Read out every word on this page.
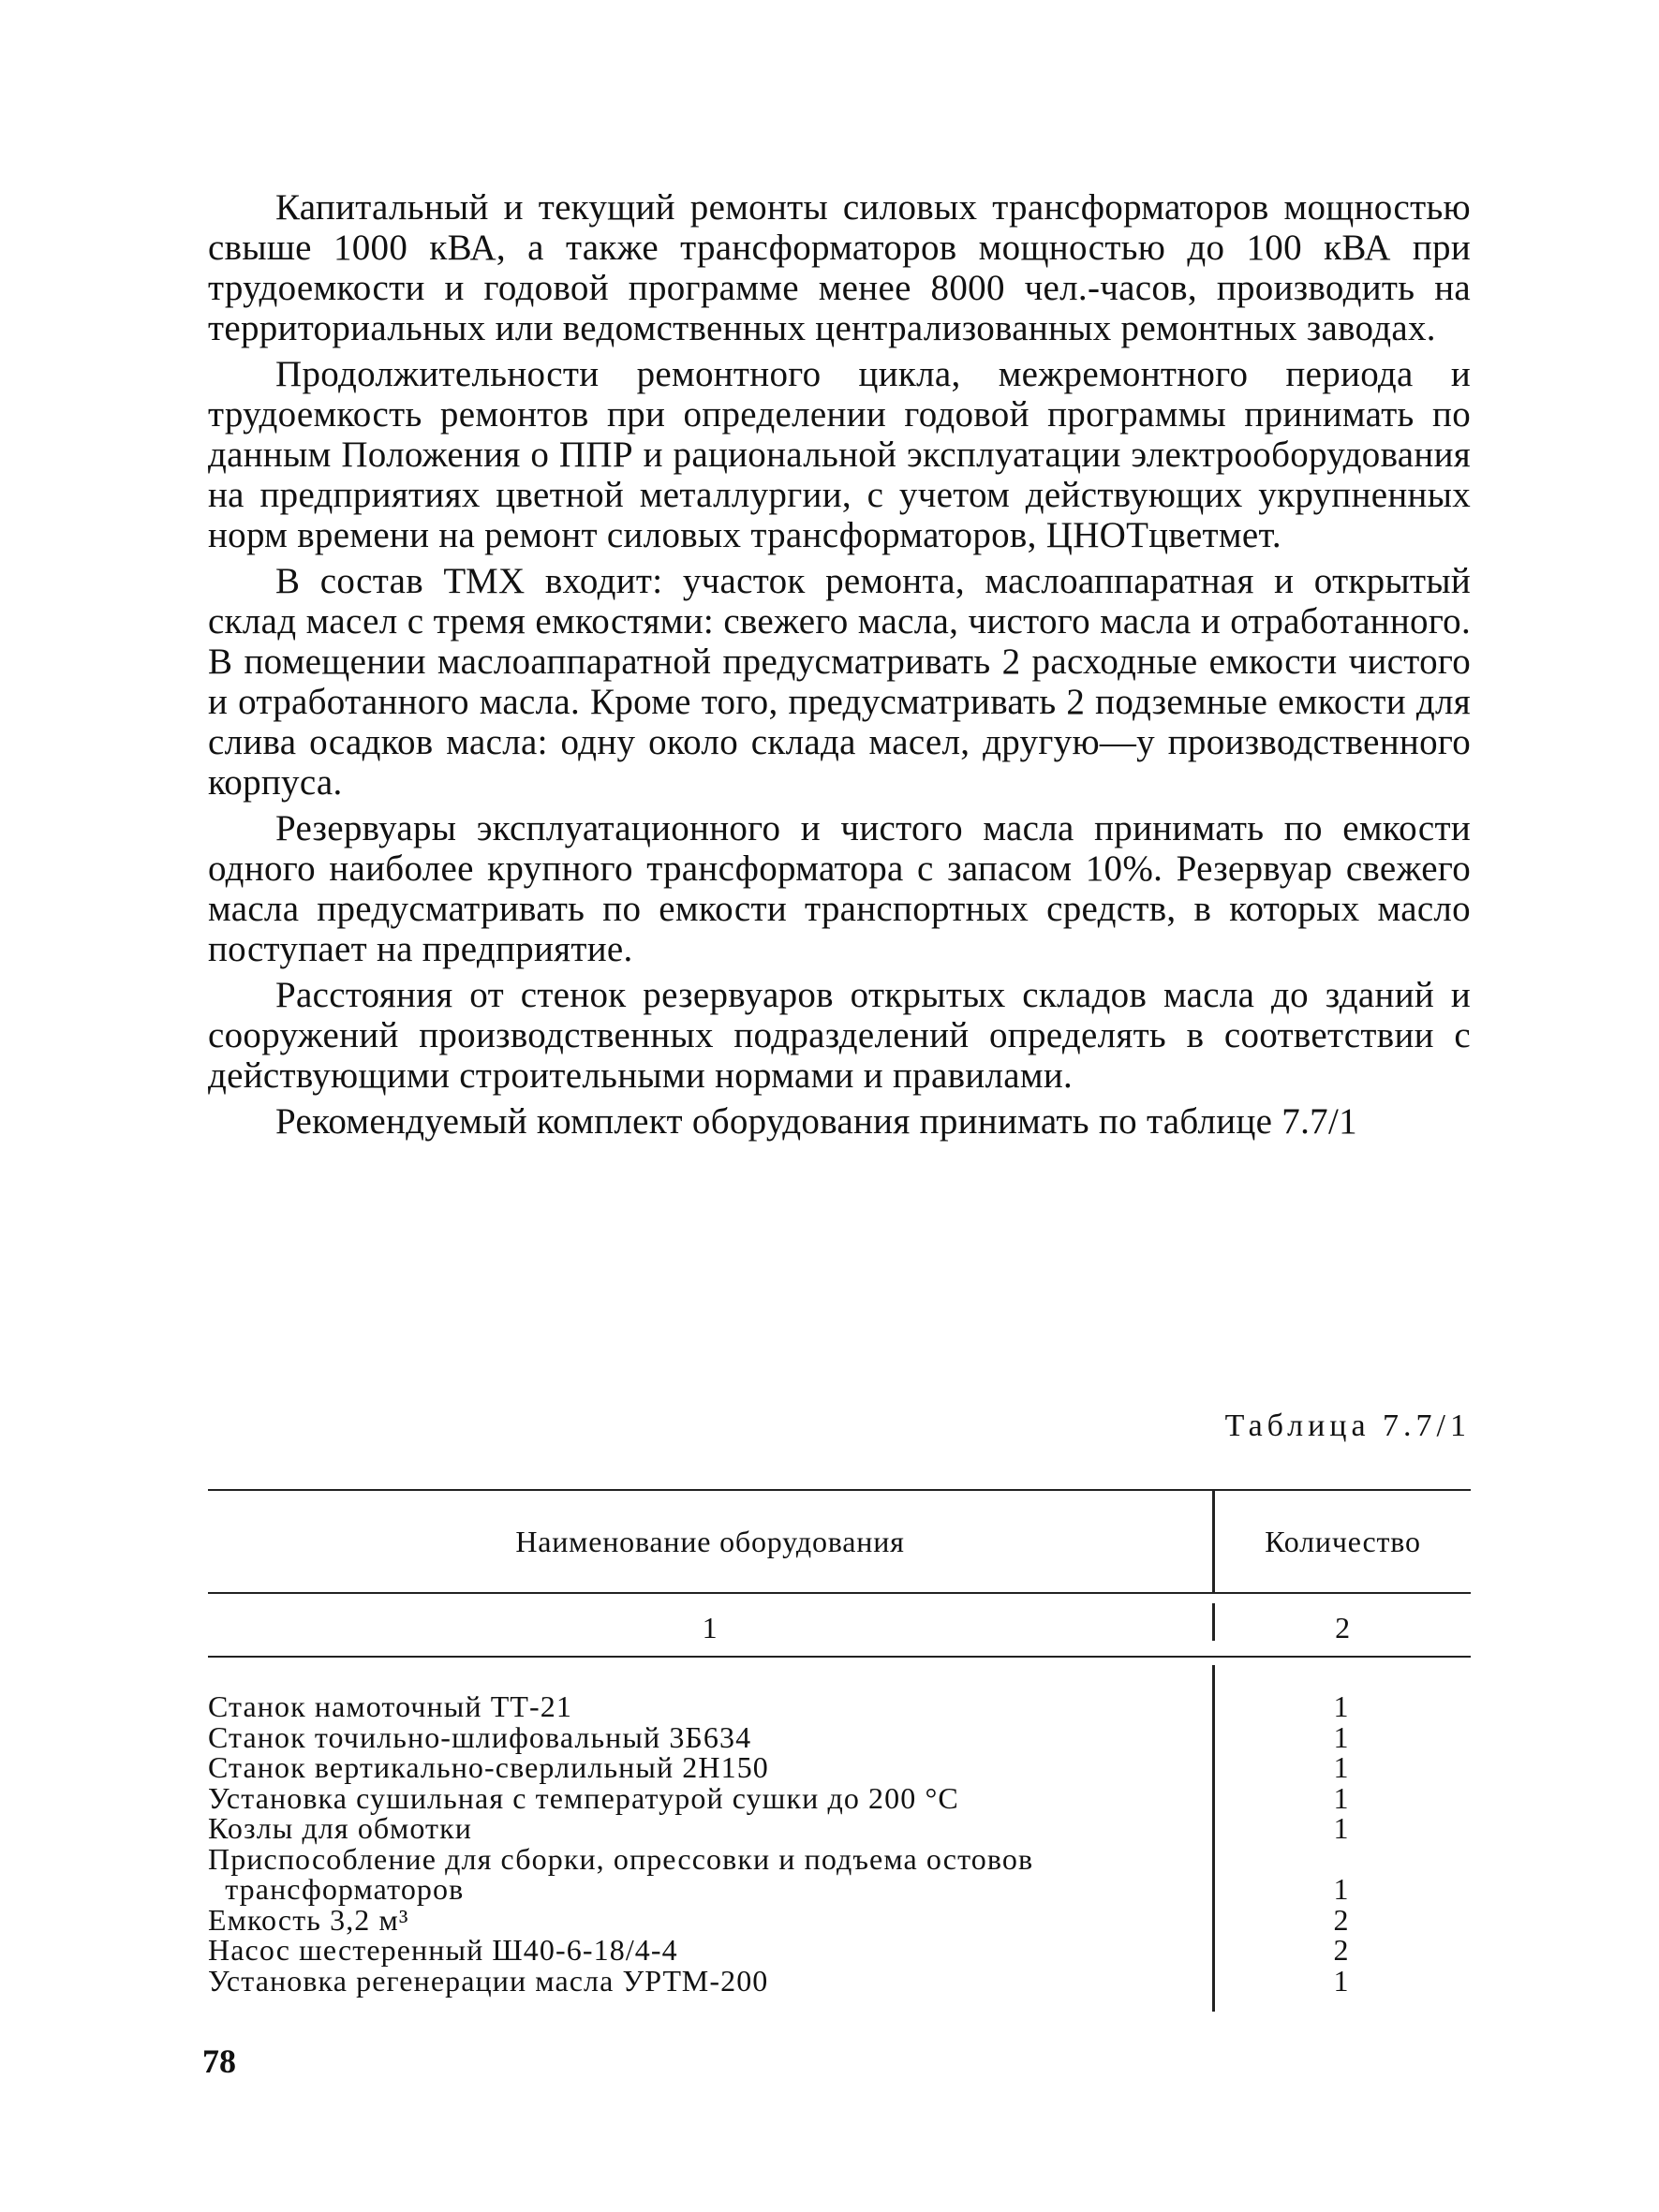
Капитальный и текущий ремонты силовых трансформаторов мощностью свыше 1000 кВА, а также трансформаторов мощностью до 100 кВА при трудоемкости и годовой программе менее 8000 чел.-часов, производить на территориальных или ведомственных централизованных ремонтных заводах.

Продолжительности ремонтного цикла, межремонтного периода и трудоемкость ремонтов при определении годовой программы принимать по данным Положения о ППР и рациональной эксплуатации электрооборудования на предприятиях цветной металлургии, с учетом действующих укрупненных норм времени на ремонт силовых трансформаторов, ЦНОТцветмет.

В состав ТМХ входит: участок ремонта, маслоаппаратная и открытый склад масел с тремя емкостями: свежего масла, чистого масла и отработанного. В помещении маслоаппаратной предусматривать 2 расходные емкости чистого и отработанного масла. Кроме того, предусматривать 2 подземные емкости для слива осадков масла: одну около склада масел, другую—у производственного корпуса.

Резервуары эксплуатационного и чистого масла принимать по емкости одного наиболее крупного трансформатора с запасом 10%. Резервуар свежего масла предусматривать по емкости транспортных средств, в которых масло поступает на предприятие.

Расстояния от стенок резервуаров открытых складов масла до зданий и сооружений производственных подразделений определять в соответствии с действующими строительными нормами и правилами.

Рекомендуемый комплект оборудования принимать по таблице 7.7/1

Таблица 7.7/1
Наименование оборудования	Количество
1	2
Станок намоточный ТТ-21	1
Станок точильно-шлифовальный 3Б634	1
Станок вертикально-сверлильный 2Н150	1
Установка сушильная с температурой сушки до 200 °С	1
Козлы для обмотки	1
Приспособление для сборки, опрессовки и подъема остовов
трансформаторов	1
Емкость 3,2 м³	2
Насос шестеренный Ш40-6-18/4-4	2
Установка регенерации масла УРТМ-200	1
78
